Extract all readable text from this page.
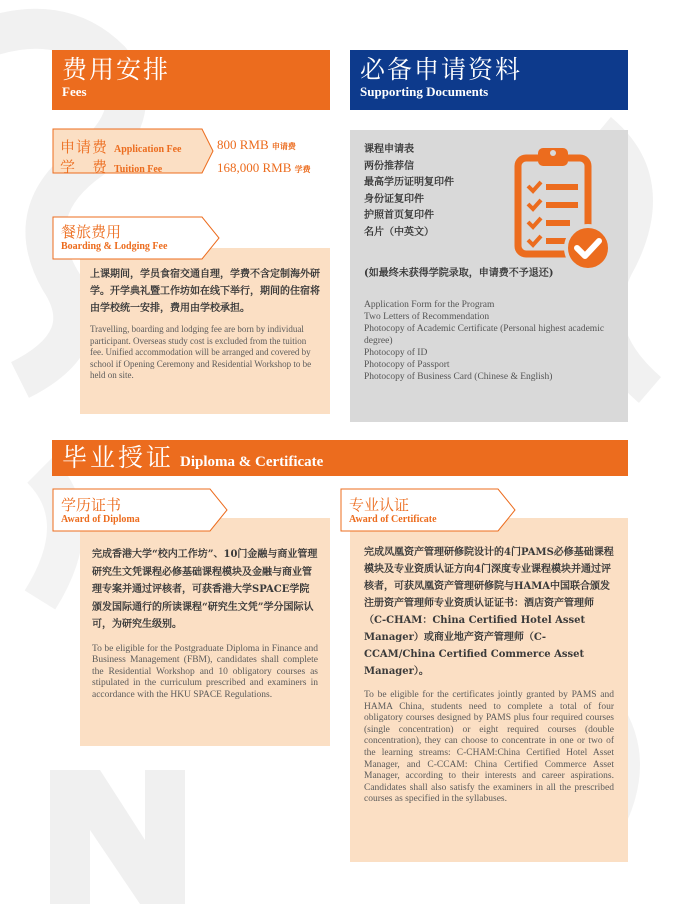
费用安排
Fees
必备申请资料
Supporting Documents
申请费 Application Fee
学　费 Tuition Fee
800 RMB 申请费
168,000 RMB 学费
上课期间，学员食宿交通自理，学费不含定制海外研学。开学典礼暨工作坊如在线下举行，期间的住宿将由学校统一安排，费用由学校承担。
Travelling, boarding and lodging fee are born by individual participant. Overseas study cost is excluded from the tuition fee. Unified accommodation will be arranged and covered by school if Opening Ceremony and Residential Workshop to be held on site.
餐旅费用
Boarding & Lodging Fee
课程申请表
两份推荐信
最高学历证明复印件
身份证复印件
护照首页复印件
名片（中英文）
(如最终未获得学院录取，申请费不予退还)
Application Form for the Program
Two Letters of Recommendation
Photocopy of Academic Certificate (Personal highest academic degree)
Photocopy of ID
Photocopy of Passport
Photocopy of Business Card (Chinese & English)
毕业授证 Diploma & Certificate
完成香港大学“校内工作坊”、10门金融与商业管理研究生文凭课程必修基础课程模块及金融与商业管理专案并通过评核者，可获香港大学SPACE学院颁发国际通行的所读课程“研究生文凭”学分国际认可，为研究生级别。
To be eligible for the Postgraduate Diploma in Finance and Business Management (FBM), candidates shall complete the Residential Workshop and 10 obligatory courses as stipulated in the curriculum prescribed and examiners in accordance with the HKU SPACE Regulations.
学历证书
Award of Diploma
完成凤凰资产管理研修院设计的4门PAMS必修基础课程模块及专业资质认证方向4门深度专业课程模块并通过评核者，可获凤凰资产管理研修院与HAMA中国联合颁发注册资产管理师专业资质认证证书：酒店资产管理师（C-CHAM：China Certified Hotel Asset Manager）或商业地产资产管理师（C-CCAM/China Certified Commerce Asset Manager）。
To be eligible for the certificates jointly granted by PAMS and HAMA China, students need to complete a total of four obligatory courses designed by PAMS plus four required courses (single concentration) or eight required courses (double concentration), they can choose to concentrate in one or two of the learning streams: C-CHAM:China Certified Hotel Asset Manager, and C-CCAM: China Certified Commerce Asset Manager, according to their interests and career aspirations. Candidates shall also satisfy the examiners in all the prescribed courses as specified in the syllabuses.
专业认证
Award of Certificate
